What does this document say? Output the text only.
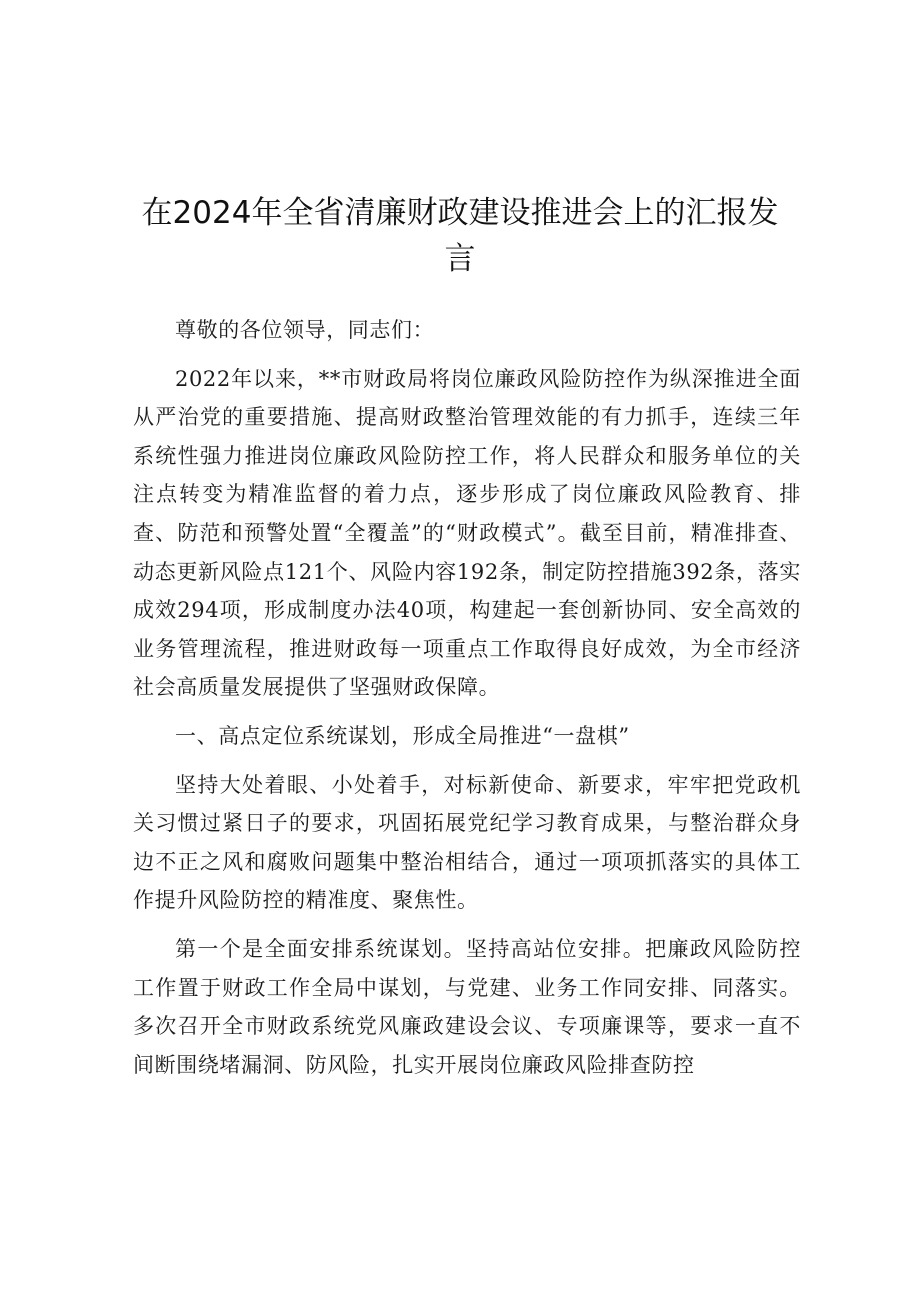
在2024年全省清廉财政建设推进会上的汇报发言

尊敬的各位领导，同志们：

2022年以来，**市财政局将岗位廉政风险防控作为纵深推进全面从严治党的重要措施、提高财政整治管理效能的有力抓手，连续三年系统性强力推进岗位廉政风险防控工作，将人民群众和服务单位的关注点转变为精准监督的着力点，逐步形成了岗位廉政风险教育、排查、防范和预警处置“全覆盖”的“财政模式”。截至目前，精准排查、动态更新风险点121个、风险内容192条，制定防控措施392条，落实成效294项，形成制度办法40项，构建起一套创新协同、安全高效的业务管理流程，推进财政每一项重点工作取得良好成效，为全市经济社会高质量发展提供了坚强财政保障。

一、高点定位系统谋划，形成全局推进“一盘棋”

坚持大处着眼、小处着手，对标新使命、新要求，牢牢把党政机关习惯过紧日子的要求，巩固拓展党纪学习教育成果，与整治群众身边不正之风和腐败问题集中整治相结合，通过一项项抓落实的具体工作提升风险防控的精准度、聚焦性。

第一个是全面安排系统谋划。坚持高站位安排。把廉政风险防控工作置于财政工作全局中谋划，与党建、业务工作同安排、同落实。多次召开全市财政系统党风廉政建设会议、专项廉课等，要求一直不间断围绕堵漏洞、防风险，扎实开展岗位廉政风险排查防控
